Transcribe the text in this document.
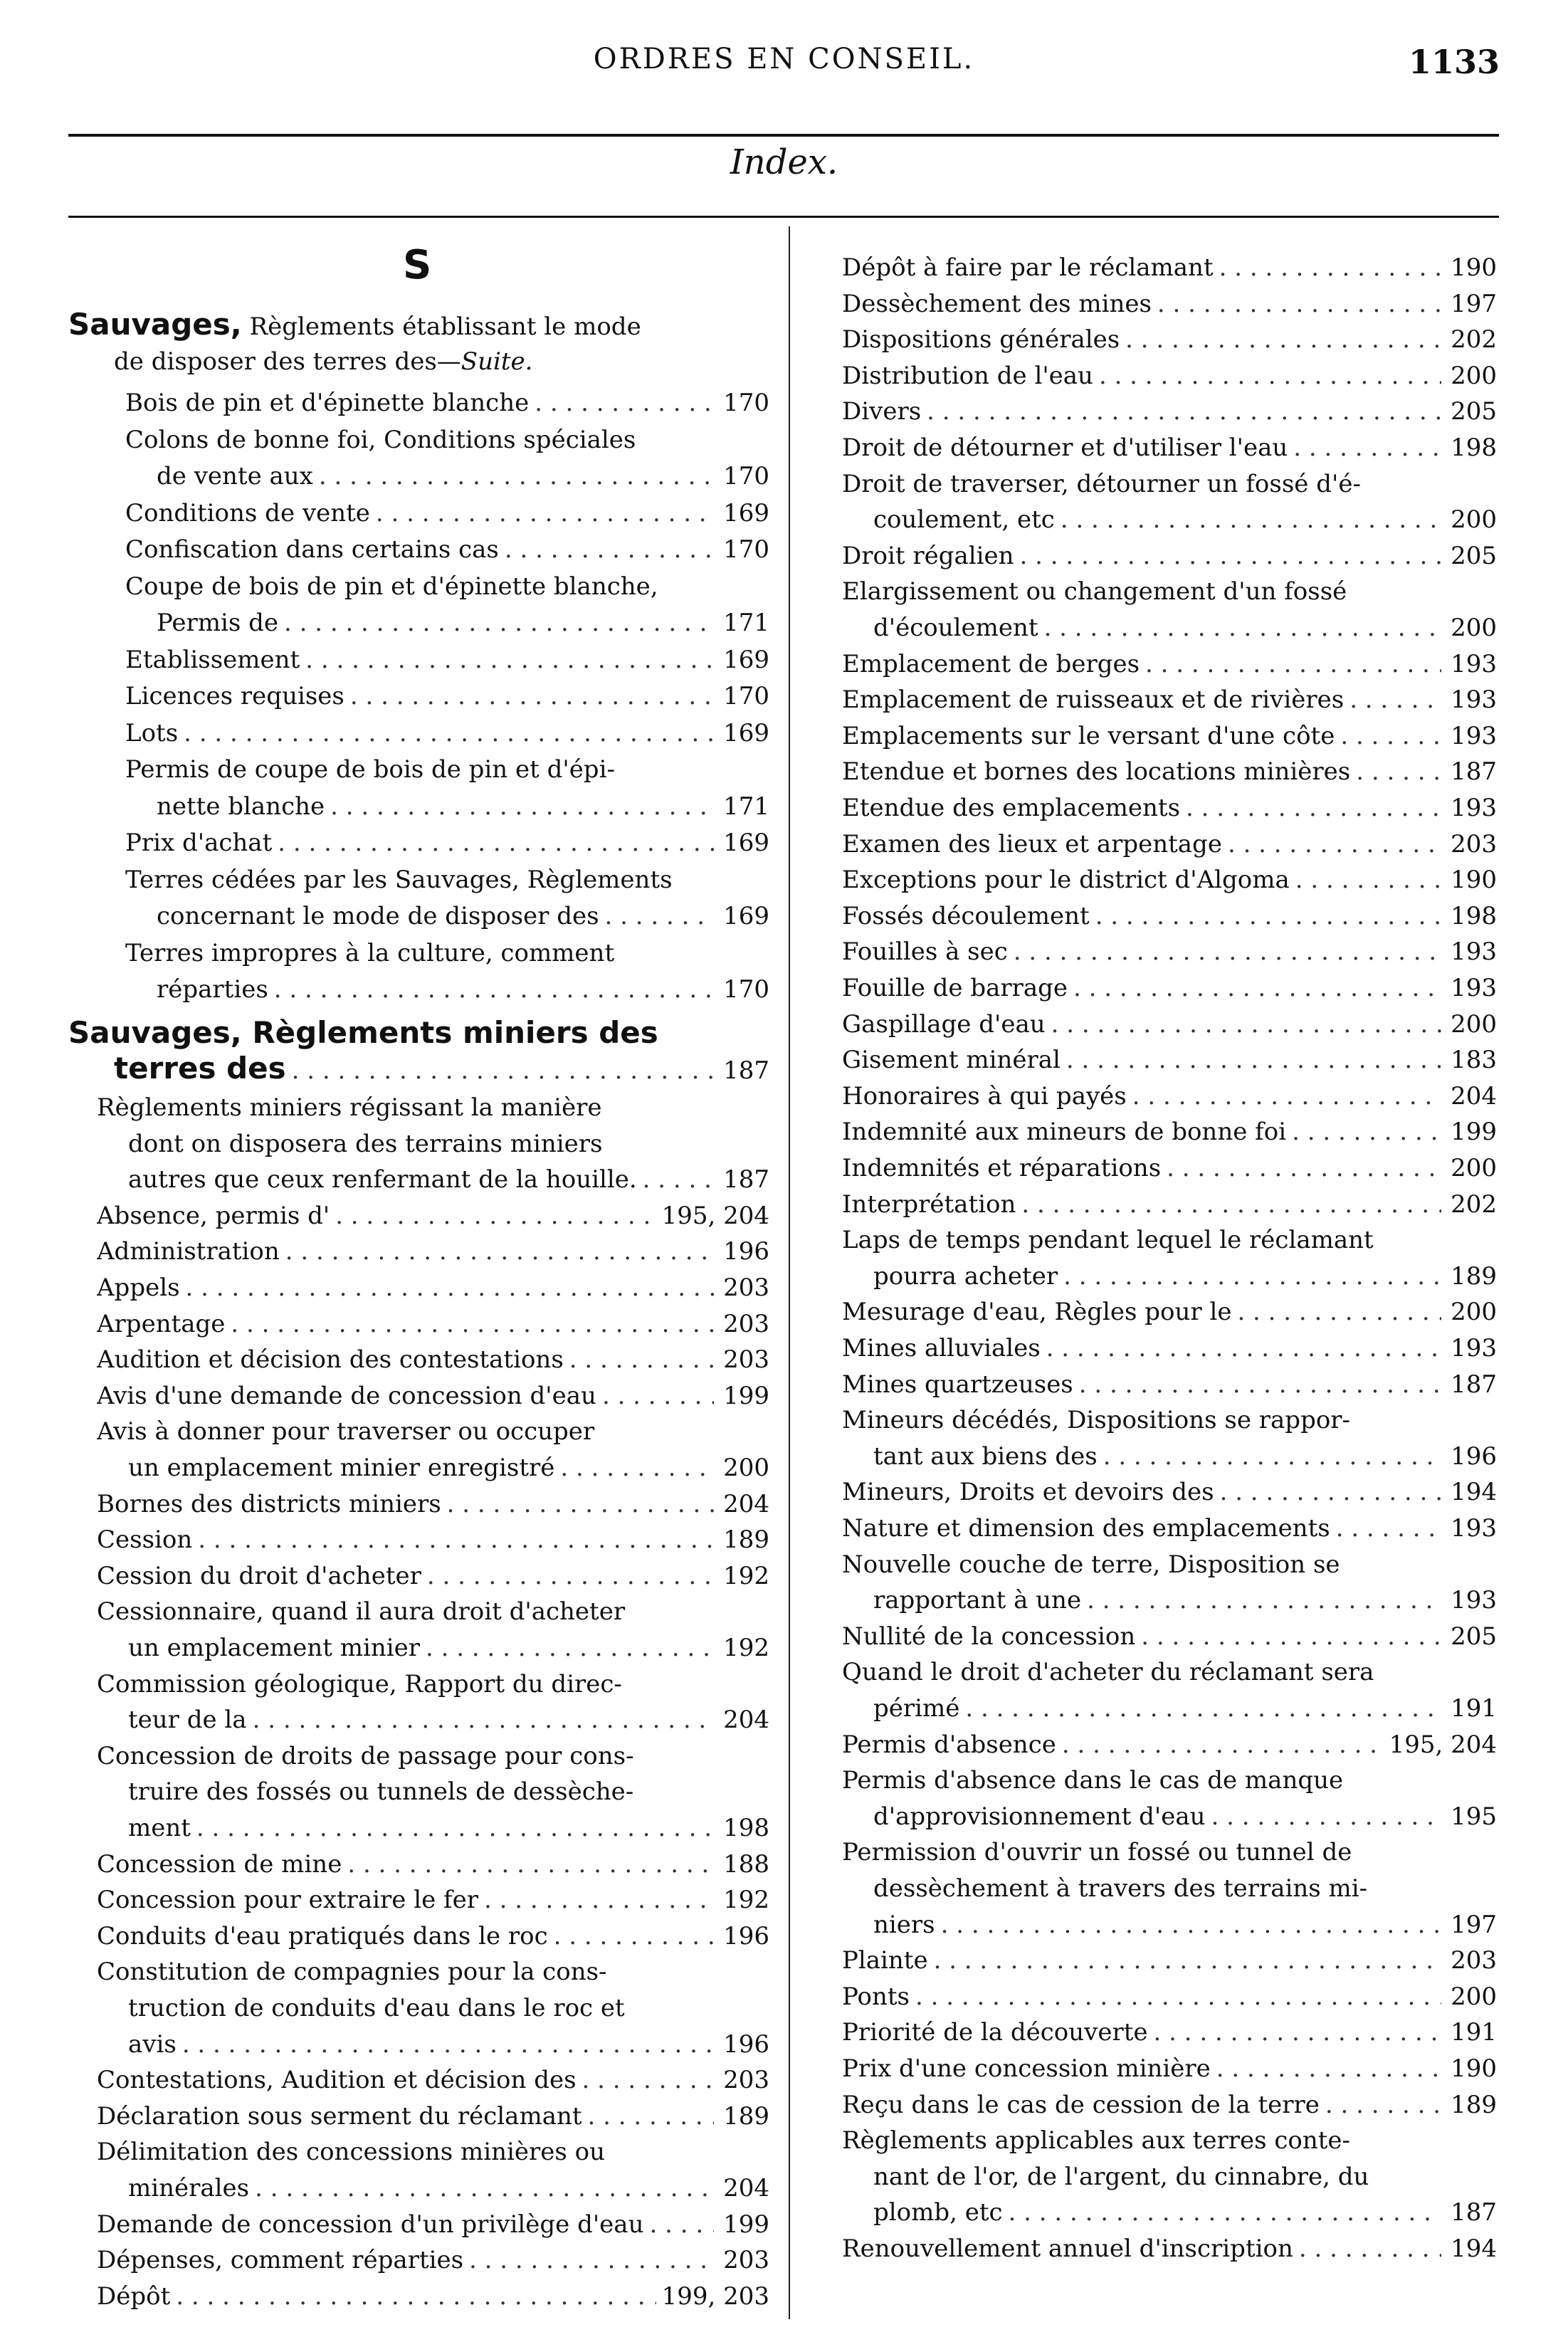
ORDRES EN CONSEIL.	1133
Index.
S
Sauvages, Règlements établissant le mode
de disposer des terres des—Suite.
Bois de pin et d'épinette blanche . . .	170
Colons de bonne foi, Conditions spéciales
de vente aux . . .	170
Conditions de vente . . .	169
Confiscation dans certains cas . . .	170
Coupe de bois de pin et d'épinette blanche,
Permis de . . .	171
Etablissement . . .	169
Licences requises . . .	170
Lots . . .	169
Permis de coupe de bois de pin et d'épi-
nette blanche . . .	171
Prix d'achat . . .	169
Terres cédées par les Sauvages, Règlements
concernant le mode de disposer des . . .	169
Terres impropres à la culture, comment
réparties . . .	170
Sauvages, Règlements miniers des
terres des . . .	187
Règlements miniers régissant la manière
dont on disposera des terrains miniers
autres que ceux renfermant de la houille. . . .	187
Absence, permis d' . . .	195, 204
Administration . . .	196
Appels . . .	203
Arpentage . . .	203
Audition et décision des contestations . . .	203
Avis d'une demande de concession d'eau . . .	199
Avis à donner pour traverser ou occuper
un emplacement minier enregistré . . .	200
Bornes des districts miniers . . .	204
Cession . . .	189
Cession du droit d'acheter . . .	192
Cessionnaire, quand il aura droit d'acheter
un emplacement minier . . .	192
Commission géologique, Rapport du direc-
teur de la . . .	204
Concession de droits de passage pour cons-
truire des fossés ou tunnels de dessèche-
ment . . .	198
Concession de mine . . .	188
Concession pour extraire le fer . . .	192
Conduits d'eau pratiqués dans le roc . . .	196
Constitution de compagnies pour la cons-
truction de conduits d'eau dans le roc et
avis . . .	196
Contestations, Audition et décision des . . .	203
Déclaration sous serment du réclamant . . .	189
Délimitation des concessions minières ou
minérales . . .	204
Demande de concession d'un privilège d'eau . . .	199
Dépenses, comment réparties . . .	203
Dépôt . . .	199, 203
Dépôt à faire par le réclamant . . .	190
Dessèchement des mines . . .	197
Dispositions générales . . .	202
Distribution de l'eau . . .	200
Divers . . .	205
Droit de détourner et d'utiliser l'eau . . .	198
Droit de traverser, détourner un fossé d'é-
coulement, etc . . .	200
Droit régalien . . .	205
Elargissement ou changement d'un fossé
d'écoulement . . .	200
Emplacement de berges . . .	193
Emplacement de ruisseaux et de rivières . . .	193
Emplacements sur le versant d'une côte . . .	193
Etendue et bornes des locations minières . . .	187
Etendue des emplacements . . .	193
Examen des lieux et arpentage . . .	203
Exceptions pour le district d'Algoma . . .	190
Fossés découlement . . .	198
Fouilles à sec . . .	193
Fouille de barrage . . .	193
Gaspillage d'eau . . .	200
Gisement minéral . . .	183
Honoraires à qui payés . . .	204
Indemnité aux mineurs de bonne foi . . .	199
Indemnités et réparations . . .	200
Interprétation . . .	202
Laps de temps pendant lequel le réclamant
pourra acheter . . .	189
Mesurage d'eau, Règles pour le . . .	200
Mines alluviales . . .	193
Mines quartzeuses . . .	187
Mineurs décédés, Dispositions se rappor-
tant aux biens des . . .	196
Mineurs, Droits et devoirs des . . .	194
Nature et dimension des emplacements . . .	193
Nouvelle couche de terre, Disposition se
rapportant à une . . .	193
Nullité de la concession . . .	205
Quand le droit d'acheter du réclamant sera
périmé . . .	191
Permis d'absence . . .	195, 204
Permis d'absence dans le cas de manque
d'approvisionnement d'eau . . .	195
Permission d'ouvrir un fossé ou tunnel de
dessèchement à travers des terrains mi-
niers . . .	197
Plainte . . .	203
Ponts . . .	200
Priorité de la découverte . . .	191
Prix d'une concession minière . . .	190
Reçu dans le cas de cession de la terre . . .	189
Règlements applicables aux terres conte-
nant de l'or, de l'argent, du cinnabre, du
plomb, etc . . .	187
Renouvellement annuel d'inscription . . .	194
